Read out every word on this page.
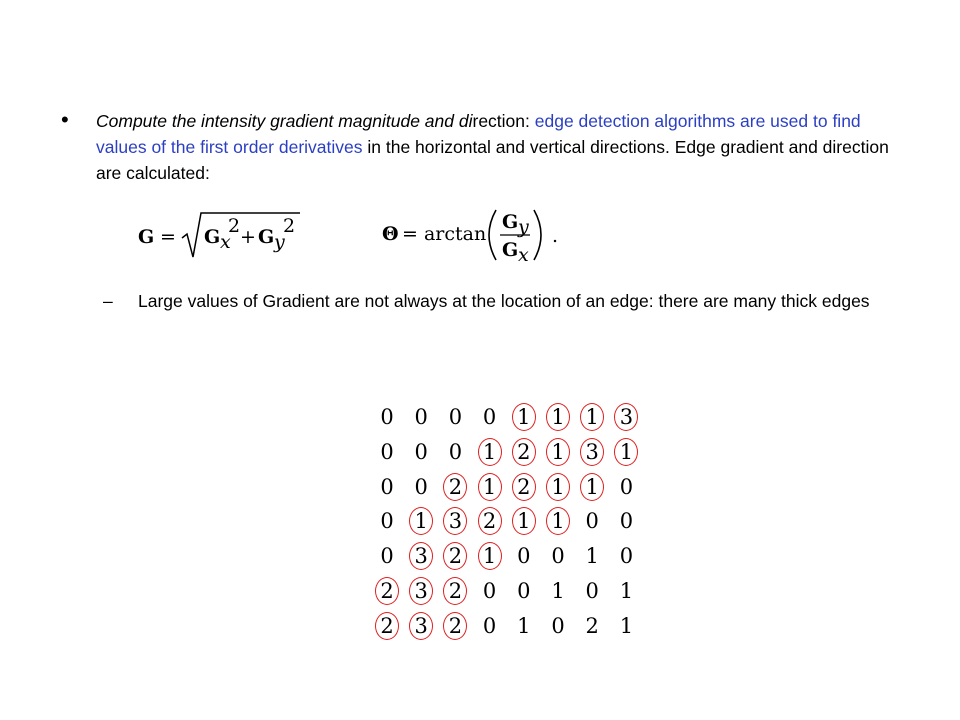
• Compute the intensity gradient magnitude and direction: edge detection algorithms are used to find values of the first order derivatives in the horizontal and vertical directions. Edge gradient and direction are calculated:
G = G x
2 + G y
2	Θ = arctan
G y
G x
.
– Large values of Gradient are not always at the location of an edge: there are many thick edges
0 0 0 0 1 1 1 3
0 0 0 1 2 1 3 1
0 0 2 1 2 1 1 0
0 1 3 2 1 1 0 0
0 3 2 1 0 0 1 0
2 3 2 0 0 1 0 1
2 3 2 0 1 0 2 1
